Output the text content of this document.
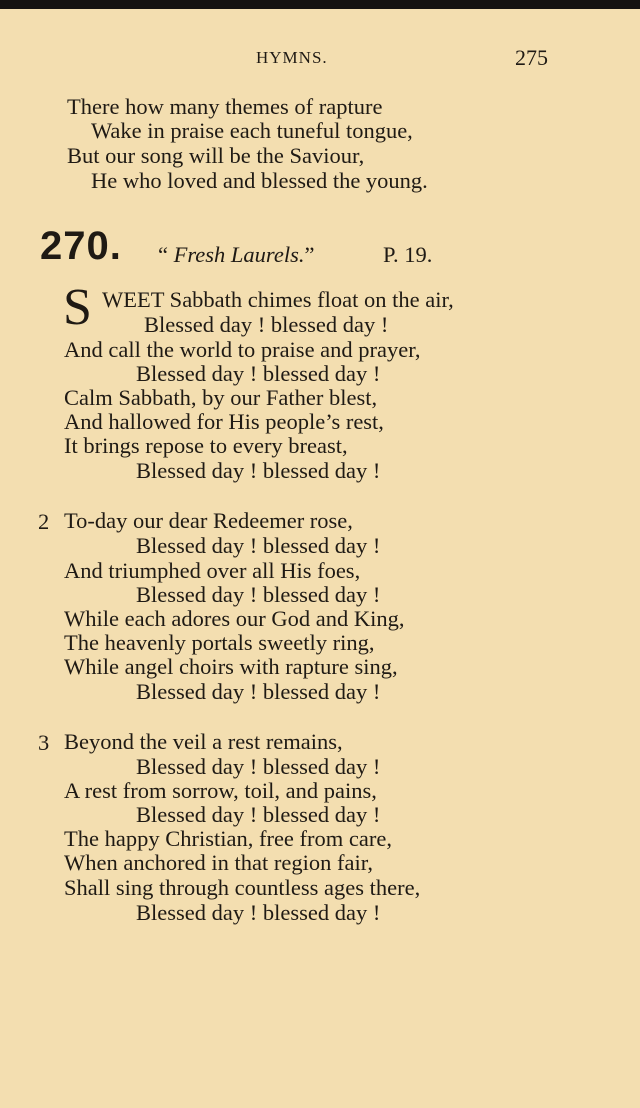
HYMNS.	275
There how many themes of rapture
Wake in praise each tuneful tongue,
But our song will be the Saviour,
He who loved and blessed the young.
270. “ Fresh Laurels.”	P. 19.
S WEET Sabbath chimes float on the air,
Blessed day ! blessed day !
And call the world to praise and prayer,
Blessed day ! blessed day !
Calm Sabbath, by our Father blest,
And hallowed for His people’s rest,
It brings repose to every breast,
Blessed day ! blessed day !
2 To-day our dear Redeemer rose,
Blessed day ! blessed day !
And triumphed over all His foes,
Blessed day ! blessed day !
While each adores our God and King,
The heavenly portals sweetly ring,
While angel choirs with rapture sing,
Blessed day ! blessed day !
3 Beyond the veil a rest remains,
Blessed day ! blessed day !
A rest from sorrow, toil, and pains,
Blessed day ! blessed day !
The happy Christian, free from care,
When anchored in that region fair,
Shall sing through countless ages there,
Blessed day ! blessed day !
